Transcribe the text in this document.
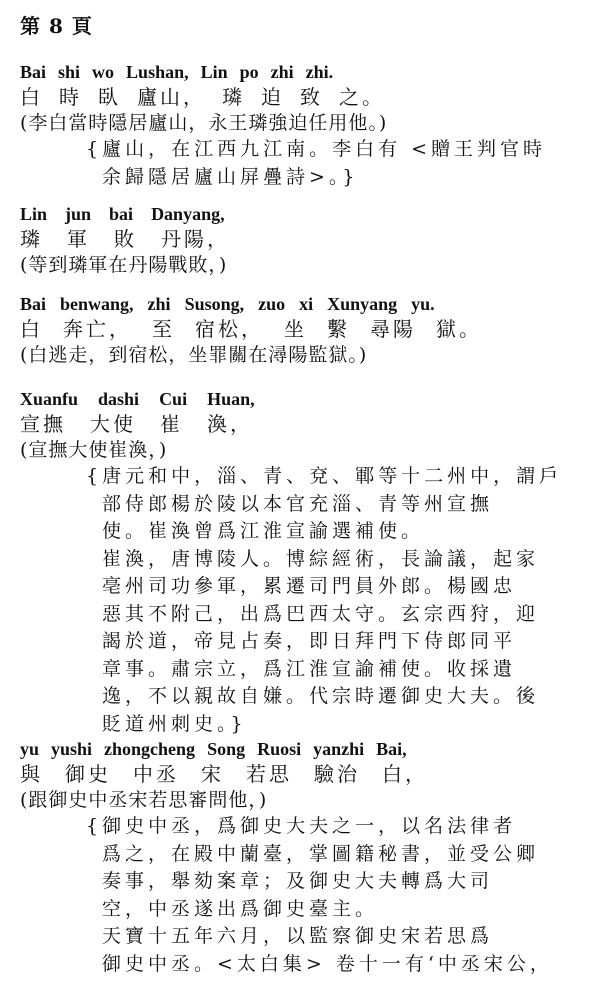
第 8 頁
Bai shi wo Lushan, Lin po zhi zhi.
白 時 臥 廬山， 璘 迫 致 之。
(李白當時隱居廬山，永王璘強迫任用他。)
{廬山，在江西九江南。李白有 <贈王判官時
余歸隱居廬山屏疊詩>。}
Lin jun bai Danyang,
璘 軍 敗 丹陽，
(等到璘軍在丹陽戰敗，)
Bai benwang, zhi Susong, zuo xi Xunyang yu.
白 奔亡， 至 宿松， 坐 繫 尋陽 獄。
(白逃走，到宿松，坐罪關在潯陽監獄。)
Xuanfu dashi Cui Huan,
宣撫 大使 崔 渙，
(宣撫大使崔渙，)
{唐元和中，淄、青、兗、鄆等十二州中，謂戶
部侍郎楊於陵以本官充淄、青等州宣撫
使。崔渙曾爲江淮宣諭選補使。
崔渙，唐博陵人。博綜經術，長論議，起家
亳州司功參軍，累遷司門員外郎。楊國忠
惡其不附己，出爲巴西太守。玄宗西狩，迎
謁於道，帝見占奏，即日拜門下侍郎同平
章事。肅宗立，爲江淮宣諭補使。收採遺
逸，不以親故自嫌。代宗時遷御史大夫。後
貶道州刺史。}
yu yushi zhongcheng Song Ruosi yanzhi Bai,
與 御史 中丞 宋 若思 驗治 白，
(跟御史中丞宋若思審問他，)
{御史中丞，爲御史大夫之一，以名法律者
爲之，在殿中蘭臺，掌圖籍秘書，並受公卿
奏事，舉劾案章；及御史大夫轉爲大司
空，中丞遂出爲御史臺主。
天寶十五年六月，以監察御史宋若思爲
御史中丞。<太白集> 卷十一有‘中丞宋公，
